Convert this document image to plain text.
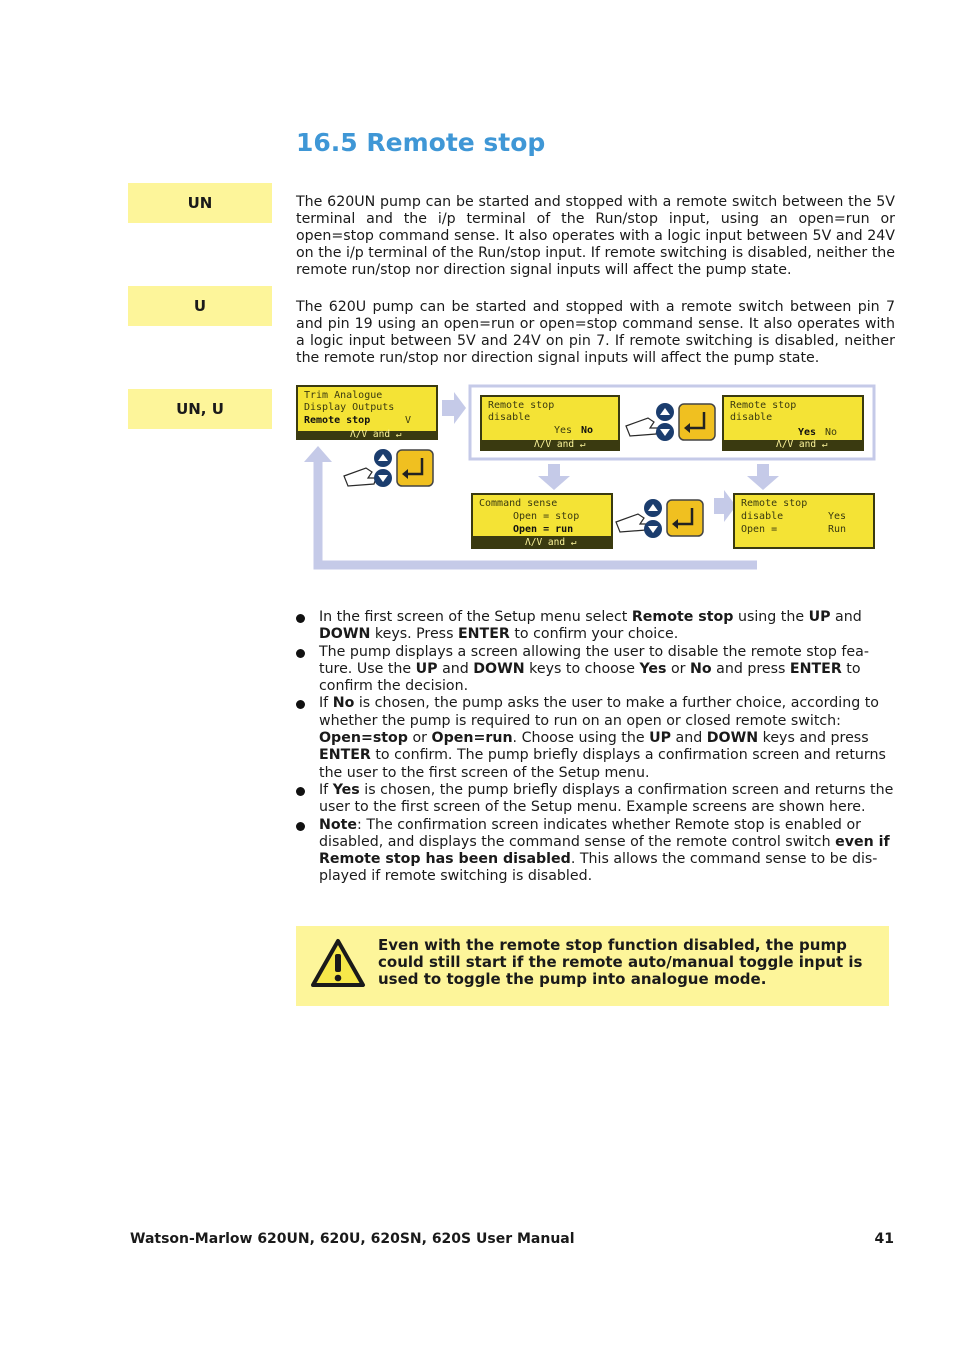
16.5 Remote stop
UN	The 620UN pump can be started and stopped with a remote switch between the 5V terminal and the i/p terminal of the Run/stop input, using an open=run or open=stop command sense. It also operates with a logic input between 5V and 24V on the i/p terminal of the Run/stop input. If remote switching is disabled, neither the remote run/stop nor direction signal inputs will affect the pump state.

U	The 620U pump can be started and stopped with a remote switch between pin 7 and pin 19 using an open=run or open=stop command sense. It also operates with a logic input between 5V and 24V on pin 7. If remote switching is disabled, neither the remote run/stop nor direction signal inputs will affect the pump state.

UN, U
Trim Analogue
Display Outputs
Remote stop	V
Λ/V and ↵
Remote stop
disable
Yes No
Λ/V and ↵
Remote stop
disable
Yes No
Λ/V and ↵
Command sense
Open = stop
Open = run
Λ/V and ↵
Remote stop
disable	Yes
Open =	Run
In the first screen of the Setup menu select Remote stop using the UP and DOWN keys. Press ENTER to confirm your choice.
The pump displays a screen allowing the user to disable the remote stop fea-ture. Use the UP and DOWN keys to choose Yes or No and press ENTER to confirm the decision.
If No is chosen, the pump asks the user to make a further choice, according to whether the pump is required to run on an open or closed remote switch: Open=stop or Open=run. Choose using the UP and DOWN keys and press ENTER to confirm. The pump briefly displays a confirmation screen and returns the user to the first screen of the Setup menu.
If Yes is chosen, the pump briefly displays a confirmation screen and returns the user to the first screen of the Setup menu. Example screens are shown here.
Note: The confirmation screen indicates whether Remote stop is enabled or disabled, and displays the command sense of the remote control switch even if Remote stop has been disabled. This allows the command sense to be dis-played if remote switching is disabled.

Even with the remote stop function disabled, the pump could still start if the remote auto/manual toggle input is used to toggle the pump into analogue mode.

Watson-Marlow 620UN, 620U, 620SN, 620S User Manual	41
